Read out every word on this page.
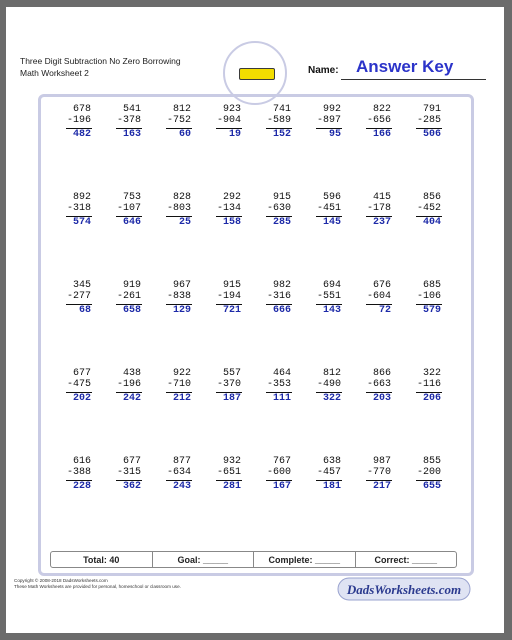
Three Digit Subtraction No Zero Borrowing
Math Worksheet 2	Name: Answer Key
678
-196
482
541
-378
163
812
-752
60
923
-904
19
741
-589
152
992
-897
95
822
-656
166
791
-285
506
892
-318
574
753
-107
646
828
-803
25
292
-134
158
915
-630
285
596
-451
145
415
-178
237
856
-452
404
345
-277
68
919
-261
658
967
-838
129
915
-194
721
982
-316
666
694
-551
143
676
-604
72
685
-106
579
677
-475
202
438
-196
242
922
-710
212
557
-370
187
464
-353
111
812
-490
322
866
-663
203
322
-116
206
616
-388
228
677
-315
362
877
-634
243
932
-651
281
767
-600
167
638
-457
181
987
-770
217
855
-200
655
Total: 40	Goal: _____	Complete: _____	Correct: _____
Copyright © 2008-2018 DadsWorksheets.com
These Math Worksheets are provided for personal, homeschool or classroom use.	DadsWorksheets.com
